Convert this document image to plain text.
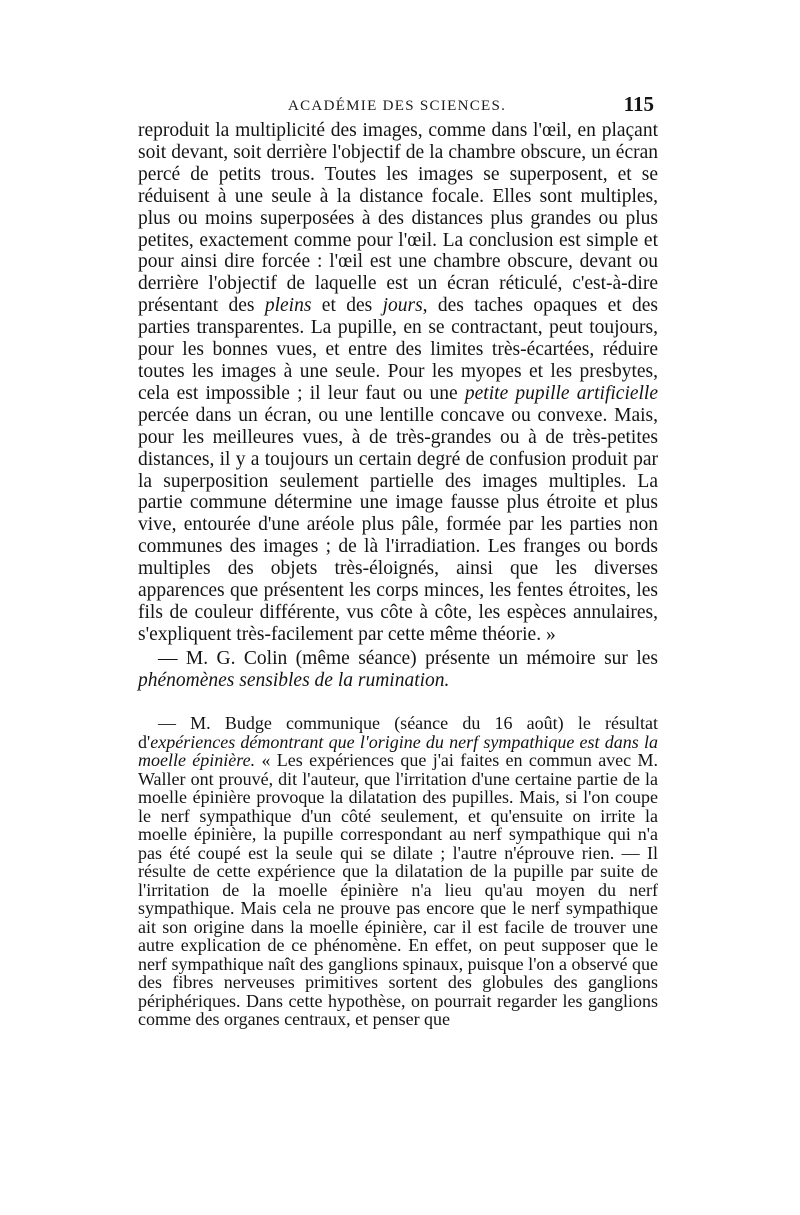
ACADÉMIE DES SCIENCES.	115

reproduit la multiplicité des images, comme dans l'œil, en plaçant soit devant, soit derrière l'objectif de la chambre obscure, un écran percé de petits trous. Toutes les images se superposent, et se réduisent à une seule à la distance focale. Elles sont multiples, plus ou moins superposées à des distances plus grandes ou plus petites, exactement comme pour l'œil. La conclusion est simple et pour ainsi dire forcée : l'œil est une chambre obscure, devant ou derrière l'objectif de laquelle est un écran réticulé, c'est-à-dire présentant des pleins et des jours, des taches opaques et des parties transparentes. La pupille, en se contractant, peut toujours, pour les bonnes vues, et entre des limites très-écartées, réduire toutes les images à une seule. Pour les myopes et les presbytes, cela est impossible ; il leur faut ou une petite pupille artificielle percée dans un écran, ou une lentille concave ou convexe. Mais, pour les meilleures vues, à de très-grandes ou à de très-petites distances, il y a toujours un certain degré de confusion produit par la superposition seulement partielle des images multiples. La partie commune détermine une image fausse plus étroite et plus vive, entourée d'une aréole plus pâle, formée par les parties non communes des images ; de là l'irradiation. Les franges ou bords multiples des objets très-éloignés, ainsi que les diverses apparences que présentent les corps minces, les fentes étroites, les fils de couleur différente, vus côte à côte, les espèces annulaires, s'expliquent très-facilement par cette même théorie. »

— M. G. Colin (même séance) présente un mémoire sur les phénomènes sensibles de la rumination.

— M. Budge communique (séance du 16 août) le résultat d'expériences démontrant que l'origine du nerf sympathique est dans la moelle épinière. « Les expériences que j'ai faites en commun avec M. Waller ont prouvé, dit l'auteur, que l'irritation d'une certaine partie de la moelle épinière provoque la dilatation des pupilles. Mais, si l'on coupe le nerf sympathique d'un côté seulement, et qu'ensuite on irrite la moelle épinière, la pupille correspondant au nerf sympathique qui n'a pas été coupé est la seule qui se dilate ; l'autre n'éprouve rien. — Il résulte de cette expérience que la dilatation de la pupille par suite de l'irritation de la moelle épinière n'a lieu qu'au moyen du nerf sympathique. Mais cela ne prouve pas encore que le nerf sympathique ait son origine dans la moelle épinière, car il est facile de trouver une autre explication de ce phénomène. En effet, on peut supposer que le nerf sympathique naît des ganglions spinaux, puisque l'on a observé que des fibres nerveuses primitives sortent des globules des ganglions périphériques. Dans cette hypothèse, on pourrait regarder les ganglions comme des organes centraux, et penser que
